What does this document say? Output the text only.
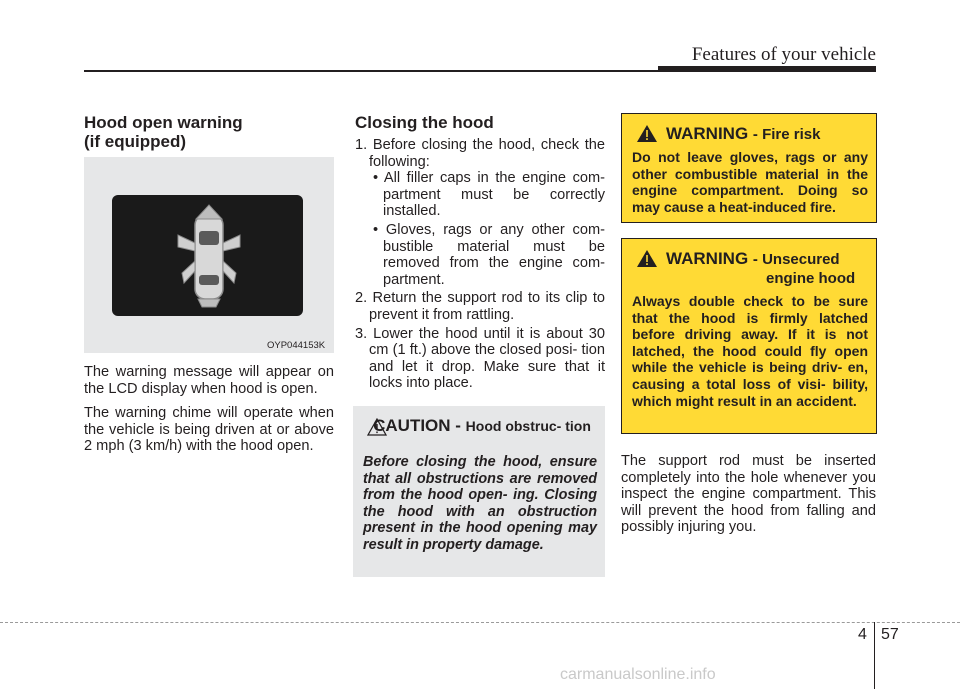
Features of your vehicle
Hood open warning
(if equipped)
OYP044153K

The warning message will appear on the LCD display when hood is open.

The warning chime will operate when the vehicle is being driven at or above 2 mph (3 km/h) with the hood open.

Closing the hood
1. Before closing the hood, check the following:
• All filler caps in the engine com- partment must be correctly installed.
• Gloves, rags or any other com- bustible material must be removed from the engine com- partment.
2. Return the support rod to its clip to prevent it from rattling.
3. Lower the hood until it is about 30 cm (1 ft.) above the closed posi- tion and let it drop. Make sure that it locks into place.
CAUTION - Hood obstruc- tion
Before closing the hood, ensure that all obstructions are removed from the hood open- ing. Closing the hood with an obstruction present in the hood opening may result in property damage.
WARNING - Fire risk
Do not leave gloves, rags or any other combustible material in the engine compartment. Doing so may cause a heat-induced fire.
WARNING - Unsecured
engine hood
Always double check to be sure that the hood is firmly latched before driving away. If it is not latched, the hood could fly open while the vehicle is being driv- en, causing a total loss of visi- bility, which might result in an accident.
The support rod must be inserted completely into the hole whenever you inspect the engine compartment. This will prevent the hood from falling and possibly injuring you.
4 57
carmanualsonline.info
